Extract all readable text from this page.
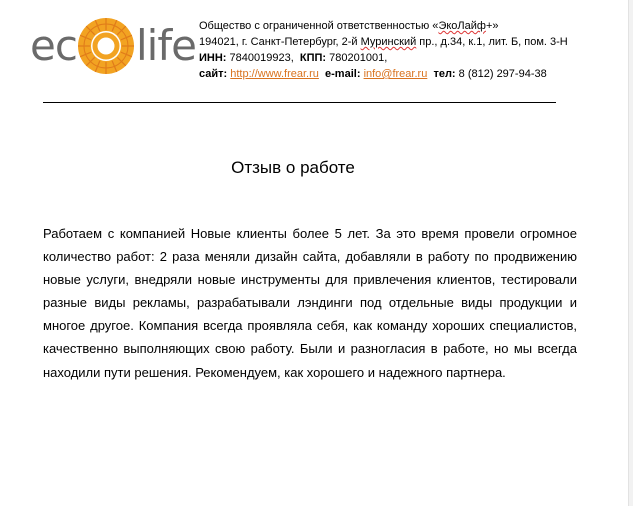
ec life Общество с ограниченной ответственностью «ЭкоЛайф+»
194021, г. Санкт-Петербург, 2-й Муринский пр., д.34, к.1, лит. Б, пом. 3-Н
ИНН: 7840019923, КПП: 780201001,
сайт: http://www.frear.ru e-mail: info@frear.ru тел: 8 (812) 297-94-38
Отзыв о работе
Работаем с компанией Новые клиенты более 5 лет. За это время провели огромное количество работ: 2 раза меняли дизайн сайта, добавляли в работу по продвижению новые услуги, внедряли новые инструменты для привлечения клиентов, тестировали разные виды рекламы, разрабатывали лэндинги под отдельные виды продукции и многое другое. Компания всегда проявляла себя, как команду хороших специалистов, качественно выполняющих свою работу. Были и разногласия в работе, но мы всегда находили пути решения. Рекомендуем, как хорошего и надежного партнера.
